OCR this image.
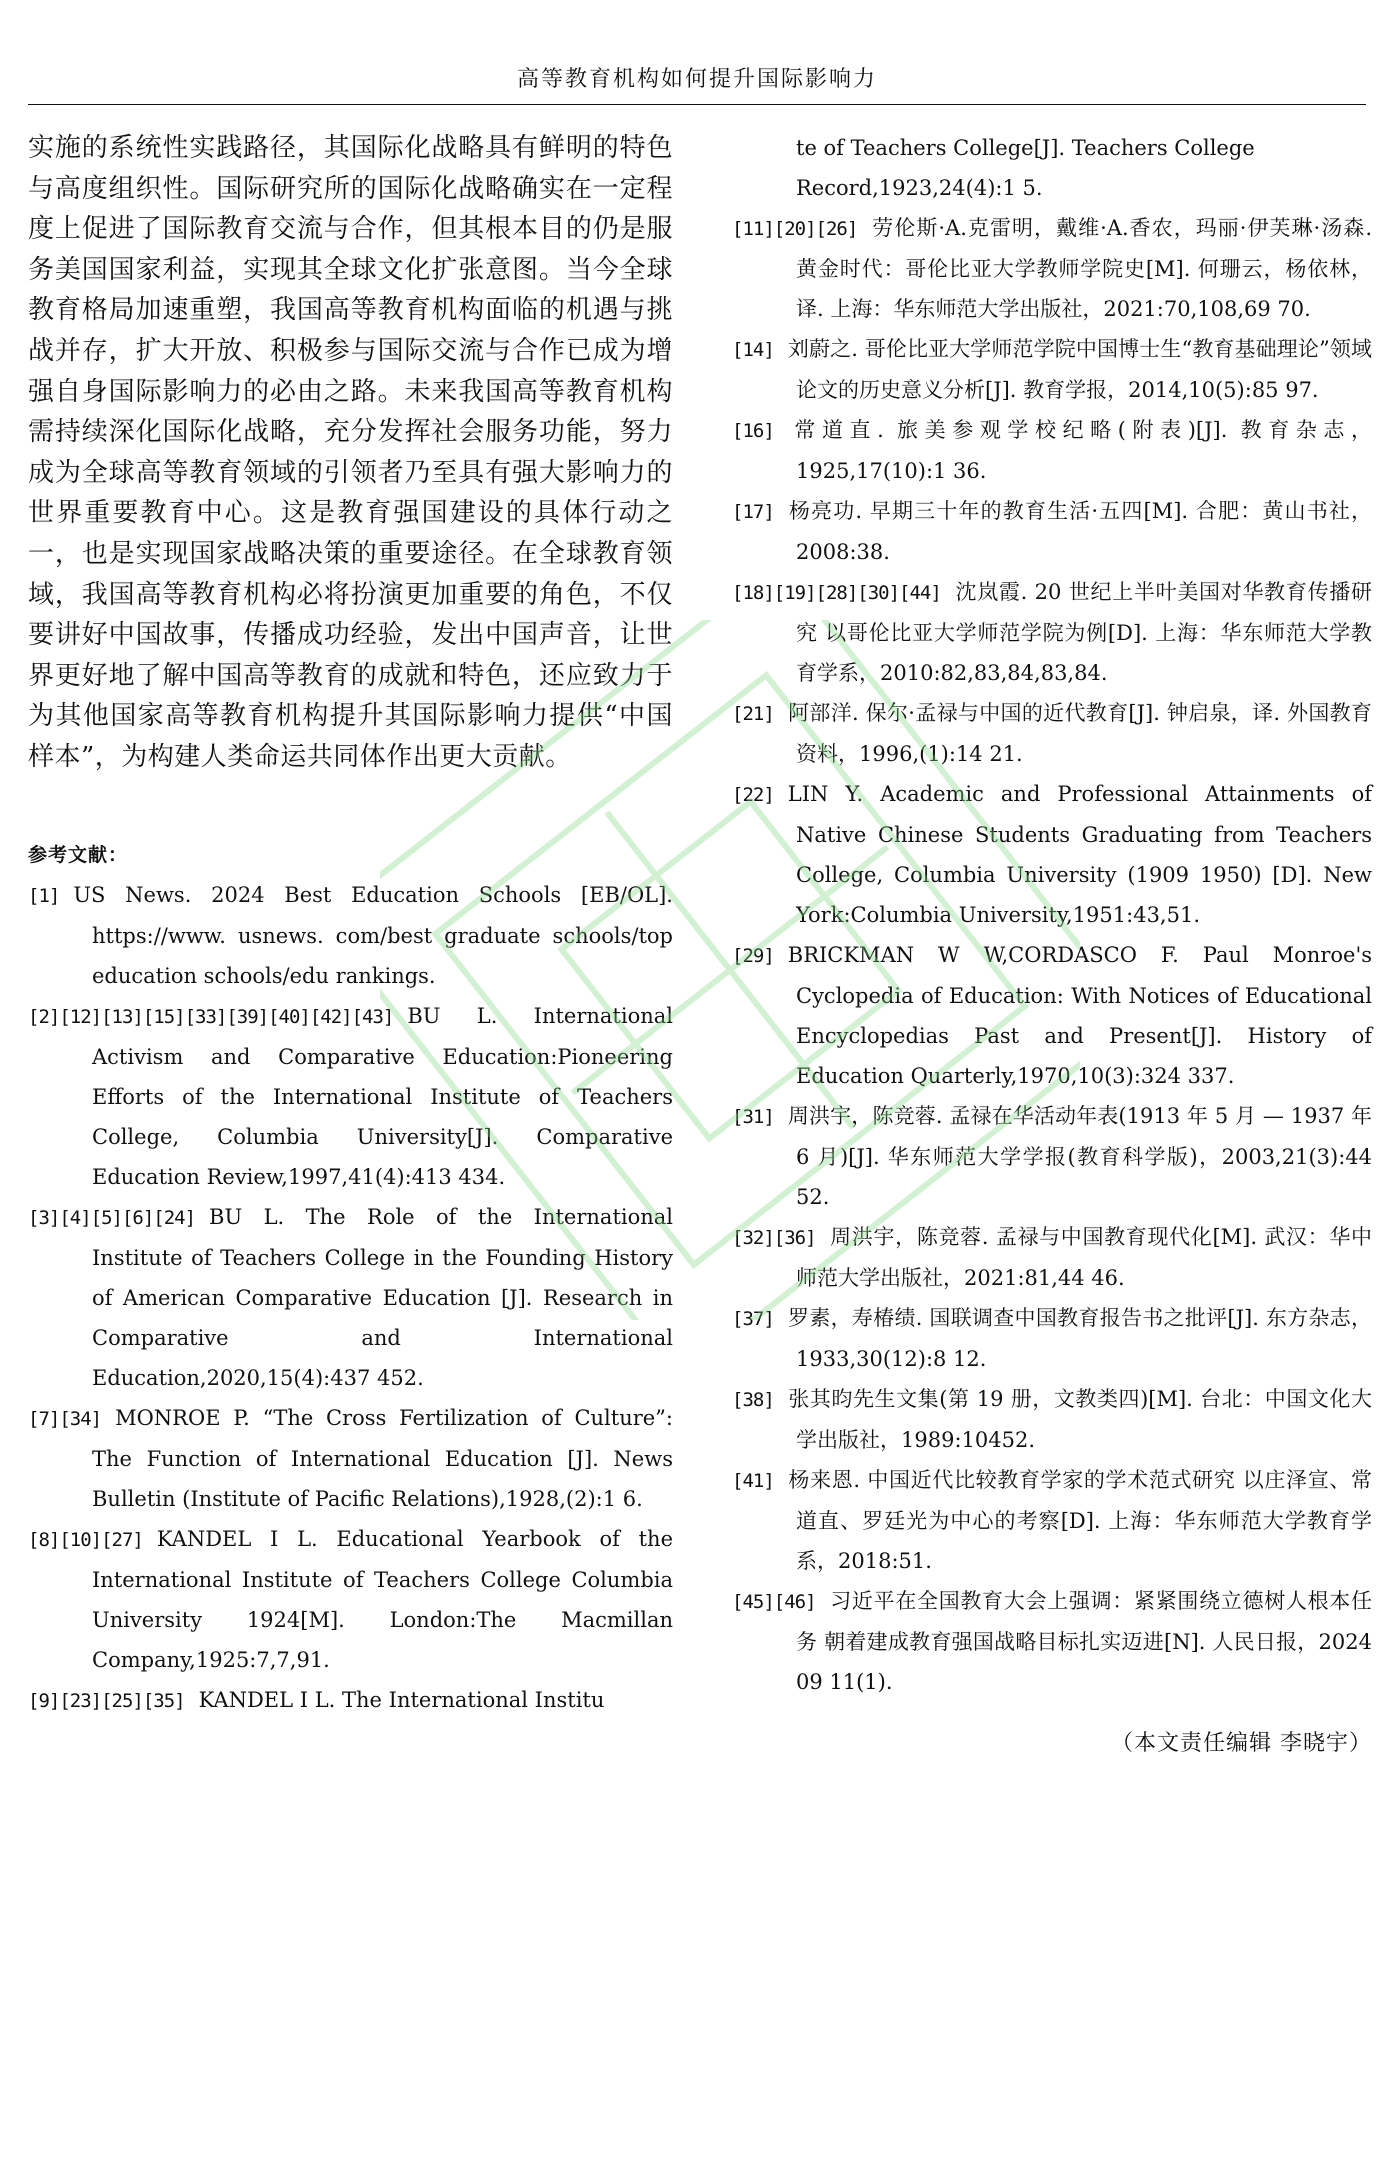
高等教育机构如何提升国际影响力

实施的系统性实践路径，其国际化战略具有鲜明的特色与高度组织性。国际研究所的国际化战略确实在一定程度上促进了国际教育交流与合作，但其根本目的仍是服务美国国家利益，实现其全球文化扩张意图。当今全球教育格局加速重塑，我国高等教育机构面临的机遇与挑战并存，扩大开放、积极参与国际交流与合作已成为增强自身国际影响力的必由之路。未来我国高等教育机构需持续深化国际化战略，充分发挥社会服务功能，努力成为全球高等教育领域的引领者乃至具有强大影响力的世界重要教育中心。这是教育强国建设的具体行动之一，也是实现国家战略决策的重要途径。在全球教育领域，我国高等教育机构必将扮演更加重要的角色，不仅要讲好中国故事，传播成功经验，发出中国声音，让世界更好地了解中国高等教育的成就和特色，还应致力于为其他国家高等教育机构提升其国际影响力提供“中国样本”，为构建人类命运共同体作出更大贡献。

参考文献：
[1] US News. 2024 Best Education Schools [EB/OL]. https://www. usnews. com/best graduate schools/top education schools/edu rankings.
[2][12][13][15][33][39][40][42][43] BU L. International Activism and Comparative Education:Pioneering Efforts of the International Institute of Teachers College, Columbia University[J]. Comparative Education Review,1997,41(4):413 434.
[3][4][5][6][24] BU L. The Role of the International Institute of Teachers College in the Founding History of American Comparative Education [J]. Research in Comparative and International Education,2020,15(4):437 452.
[7][34] MONROE P. “The Cross Fertilization of Culture”: The Function of International Education [J]. News Bulletin (Institute of Pacific Relations),1928,(2):1 6.
[8][10][27] KANDEL I L. Educational Yearbook of the International Institute of Teachers College Columbia University 1924[M]. London:The Macmillan Company,1925:7,7,91.
[9][23][25][35] KANDEL I L. The International Institu
te of Teachers College[J]. Teachers College Record,1923,24(4):1 5.
[11][20][26] 劳伦斯·A.克雷明，戴维·A.香农，玛丽·伊芙琳·汤森. 黄金时代：哥伦比亚大学教师学院史[M]. 何珊云，杨依林，译. 上海：华东师范大学出版社，2021:70,108,69 70.
[14] 刘蔚之. 哥伦比亚大学师范学院中国博士生“教育基础理论”领域论文的历史意义分析[J]. 教育学报，2014,10(5):85 97.
[16] 常道直. 旅美参观学校纪略(附表)[J]. 教育杂志，1925,17(10):1 36.
[17] 杨亮功. 早期三十年的教育生活·五四[M]. 合肥：黄山书社，2008:38.
[18][19][28][30][44] 沈岚霞. 20 世纪上半叶美国对华教育传播研究 以哥伦比亚大学师范学院为例[D]. 上海：华东师范大学教育学系，2010:82,83,84,83,84.
[21] 阿部洋. 保尔·孟禄与中国的近代教育[J]. 钟启泉，译. 外国教育资料，1996,(1):14 21.
[22] LIN Y. Academic and Professional Attainments of Native Chinese Students Graduating from Teachers College, Columbia University (1909 1950) [D]. New York:Columbia University,1951:43,51.
[29] BRICKMAN W W,CORDASCO F. Paul Monroe's Cyclopedia of Education: With Notices of Educational Encyclopedias Past and Present[J]. History of Education Quarterly,1970,10(3):324 337.
[31] 周洪宇，陈竞蓉. 孟禄在华活动年表(1913 年 5 月 — 1937 年 6 月)[J]. 华东师范大学学报(教育科学版)，2003,21(3):44 52.
[32][36] 周洪宇，陈竞蓉. 孟禄与中国教育现代化[M]. 武汉：华中师范大学出版社，2021:81,44 46.
[37] 罗素，寿椿绩. 国联调查中国教育报告书之批评[J]. 东方杂志，1933,30(12):8 12.
[38] 张其昀先生文集(第 19 册，文教类四)[M]. 台北：中国文化大学出版社，1989:10452.
[41] 杨来恩. 中国近代比较教育学家的学术范式研究 以庄泽宣、常道直、罗廷光为中心的考察[D]. 上海：华东师范大学教育学系，2018:51.
[45][46] 习近平在全国教育大会上强调：紧紧围绕立德树人根本任务 朝着建成教育强国战略目标扎实迈进[N]. 人民日报，2024 09 11(1).
（本文责任编辑 李晓宇）
